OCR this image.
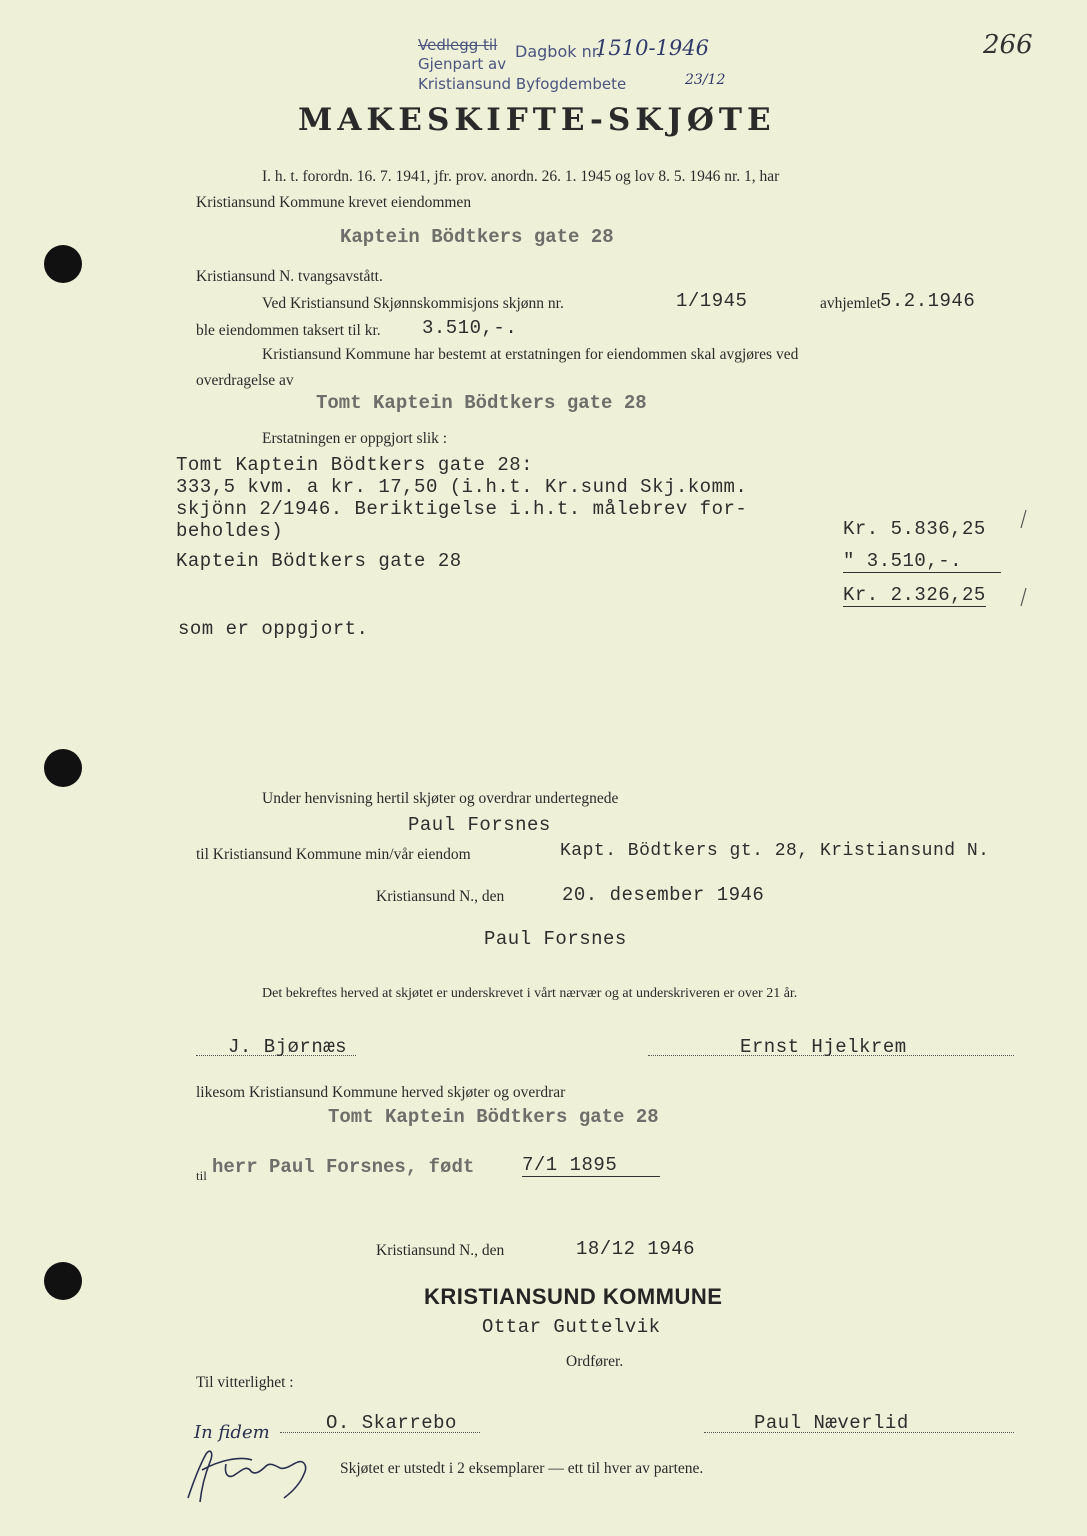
Vedlegg til
Gjenpart av
Kristiansund Byfogdembete
Dagbok nr.
1510-1946
23/12
266
MAKESKIFTE-SKJØTE
I. h. t. forordn. 16. 7. 1941, jfr. prov. anordn. 26. 1. 1945 og lov 8. 5. 1946 nr. 1, har
Kristiansund Kommune krevet eiendommen
Kaptein Bödtkers gate 28
Kristiansund N. tvangsavstått.
Ved Kristiansund Skjønnskommisjons skjønn nr.	1/1945	avhjemlet
5.2.1946
ble eiendommen taksert til kr. 3.510,-.
Kristiansund Kommune har bestemt at erstatningen for eiendommen skal avgjøres ved
overdragelse av
Tomt Kaptein Bödtkers gate 28
Erstatningen er oppgjort slik :
Tomt Kaptein Bödtkers gate 28:
333,5 kvm. a kr. 17,50 (i.h.t. Kr.sund Skj.komm.
skjönn 2/1946. Beriktigelse i.h.t. målebrev for-
beholdes)	Kr. 5.836,25
Kaptein Bödtkers gate 28	" 3.510,-.
Kr. 2.326,25
som er oppgjort.
Under henvisning hertil skjøter og overdrar undertegnede
Paul Forsnes
til Kristiansund Kommune min/vår eiendom	Kapt. Bödtkers gt. 28, Kristiansund N.
Kristiansund N., den	20. desember 1946
Paul Forsnes
Det bekreftes herved at skjøtet er underskrevet i vårt nærvær og at underskriveren er over 21 år.
J. Bjørnæs	Ernst Hjelkrem
likesom Kristiansund Kommune herved skjøter og overdrar
Tomt Kaptein Bödtkers gate 28
til herr Paul Forsnes, født	7/1 1895
Kristiansund N., den	18/12 1946
KRISTIANSUND KOMMUNE
Ottar Guttelvik
Ordfører.
Til vitterlighet :
O. Skarrebo	Paul Næverlid
In fidem
Skjøtet er utstedt i 2 eksemplarer — ett til hver av partene.
